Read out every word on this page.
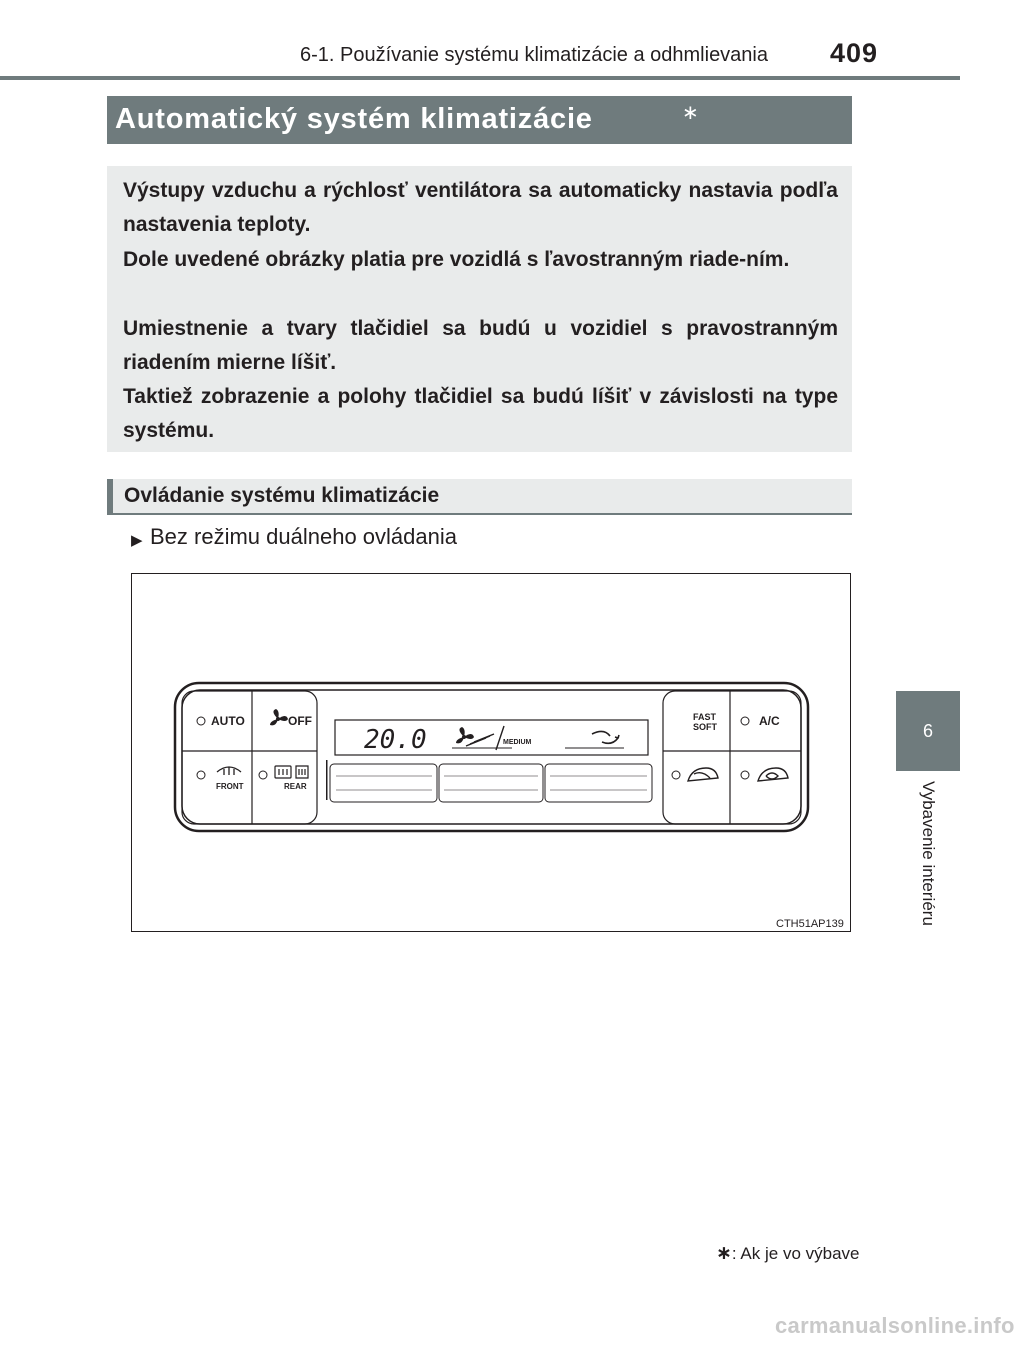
6-1. Používanie systému klimatizácie a odhmlievania 409
6
Vybavenie interiéru
Automatický systém klimatizácie	∗

Výstupy vzduchu a rýchlosť ventilátora sa automaticky nastavia podľa nastavenia teploty.

Dole uvedené obrázky platia pre vozidlá s ľavostranným riade-ním.

Umiestnenie a tvary tlačidiel sa budú u vozidiel s pravostranným riadením mierne líšiť.

Taktiež zobrazenie a polohy tlačidiel sa budú líšiť v závislosti na type systému.

Ovládanie systému klimatizácie
▶ Bez režimu duálneho ovládania
AUTO	OFF
FRONT	REAR
FAST
SOFT	A/C
MEDIUM
20.0
CTH51AP139
∗: Ak je vo výbave
carmanualsonline.info
